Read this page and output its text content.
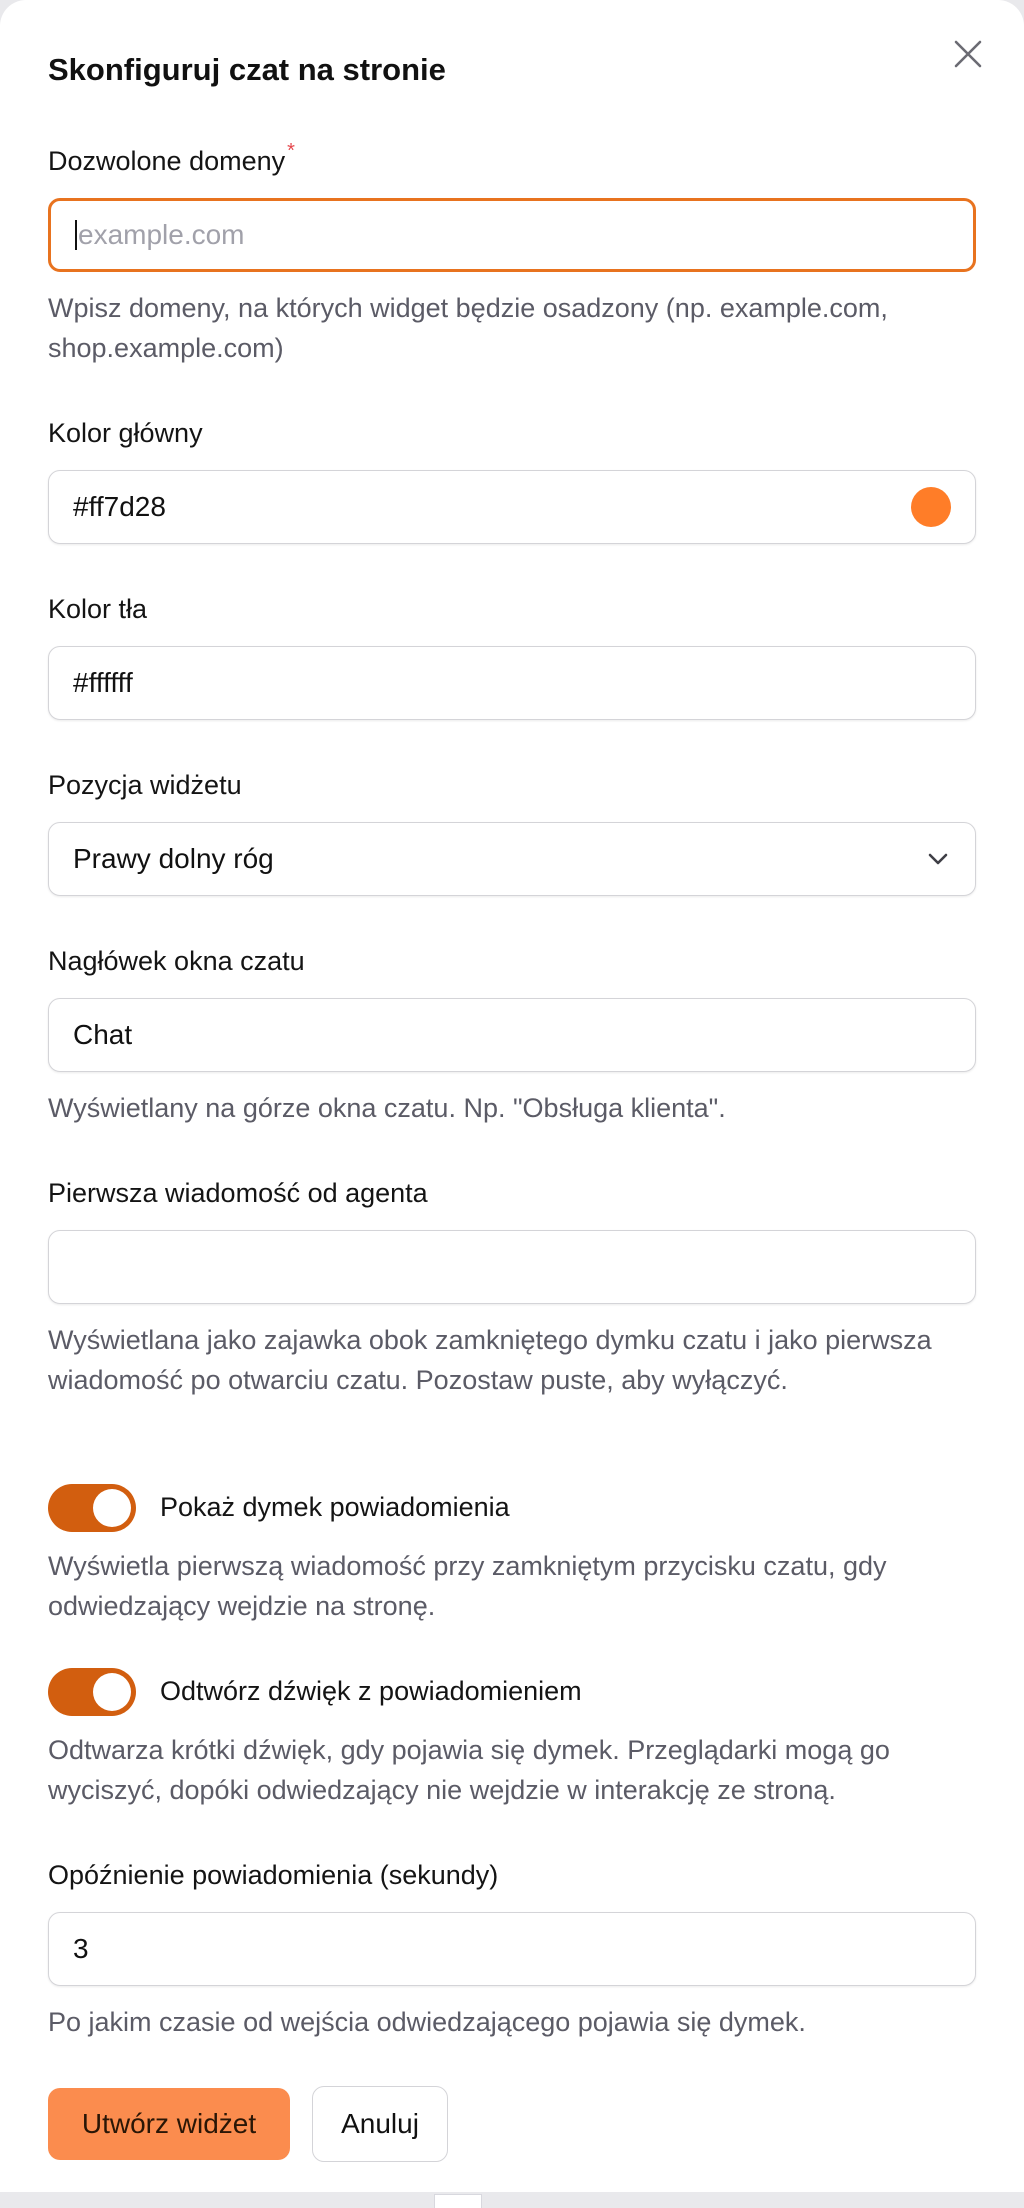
Skonfiguruj czat na stronie
Dozwolone domeny *
example.com
Wpisz domeny, na których widget będzie osadzony (np. example.com, shop.example.com)
Kolor główny
#ff7d28
Kolor tła
#ffffff
Pozycja widżetu
Prawy dolny róg
Nagłówek okna czatu
Chat
Wyświetlany na górze okna czatu. Np. "Obsługa klienta".
Pierwsza wiadomość od agenta
Wyświetlana jako zajawka obok zamkniętego dymku czatu i jako pierwsza wiadomość po otwarciu czatu. Pozostaw puste, aby wyłączyć.
Pokaż dymek powiadomienia
Wyświetla pierwszą wiadomość przy zamkniętym przycisku czatu, gdy odwiedzający wejdzie na stronę.
Odtwórz dźwięk z powiadomieniem
Odtwarza krótki dźwięk, gdy pojawia się dymek. Przeglądarki mogą go wyciszyć, dopóki odwiedzający nie wejdzie w interakcję ze stroną.
Opóźnienie powiadomienia (sekundy)
3
Po jakim czasie od wejścia odwiedzającego pojawia się dymek.
Utwórz widżet	Anuluj
